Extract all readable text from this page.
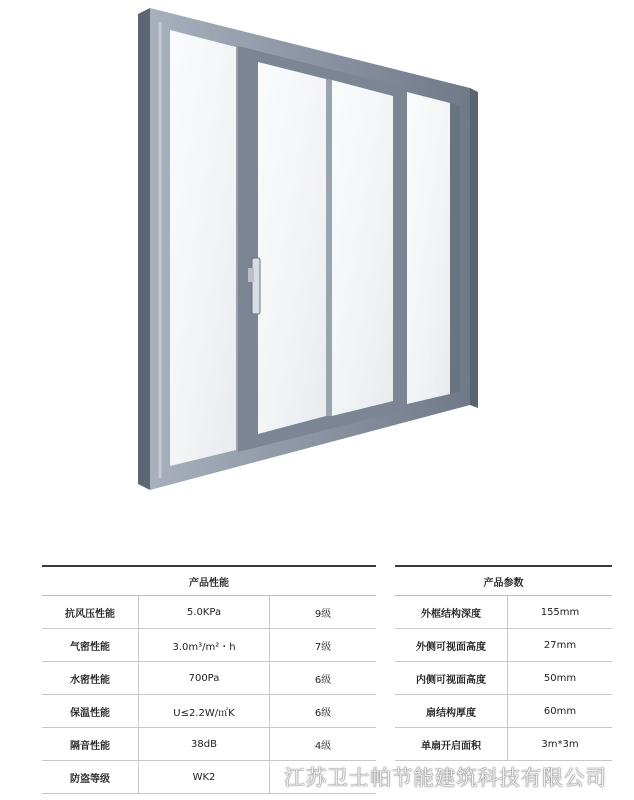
产品性能		
抗风压性能	5.0KPa	9级
气密性能	3.0m³/m²・h	7级
水密性能	700Pa	6级
保温性能	U≤2.2W/㎡K	6级
隔音性能	38dB	4级
防盗等级	WK2	
产品参数	
外框结构深度	155mm
外侧可视面高度	27mm
内侧可视面高度	50mm
扇结构厚度	60mm
单扇开启面积	3m*3m
江苏卫士帕节能建筑科技有限公司
